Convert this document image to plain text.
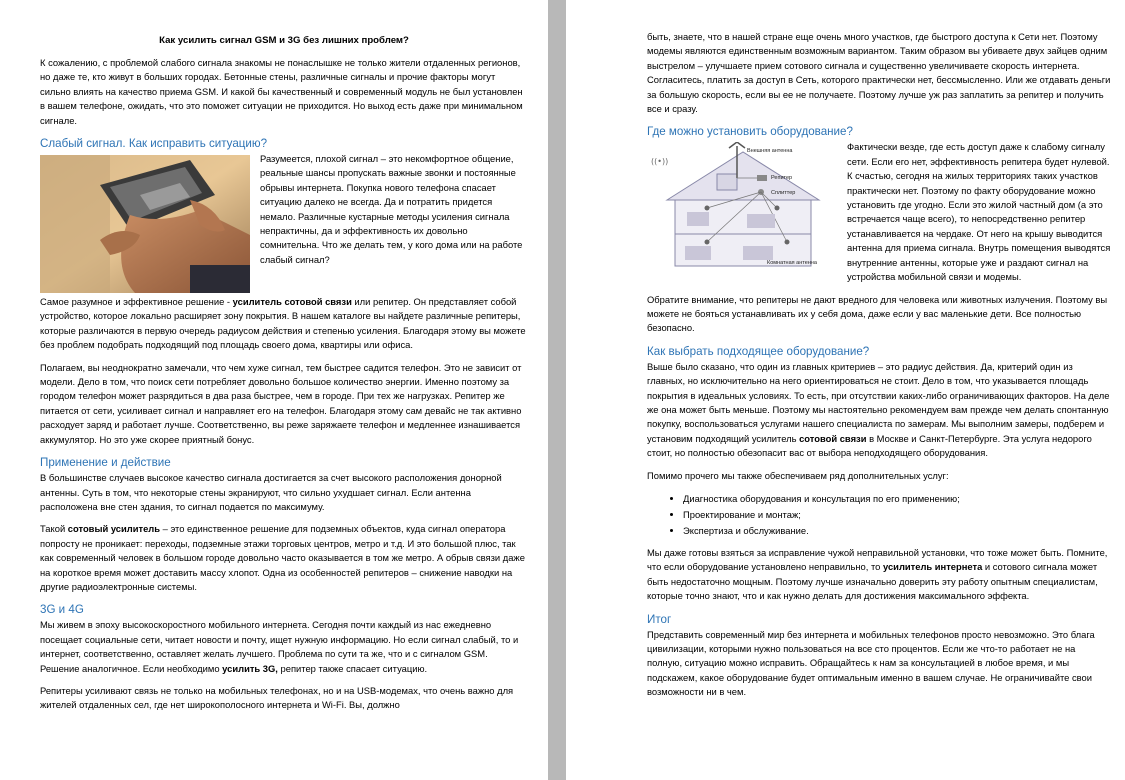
Как усилить сигнал GSM и 3G без лишних проблем?

К сожалению, с проблемой слабого сигнала знакомы не понаслышке не только жители отдаленных регионов, но даже те, кто живут в больших городах. Бетонные стены, различные сигналы и прочие факторы могут сильно влиять на качество приема GSM. И какой бы качественный и современный модуль не был установлен в вашем телефоне, ожидать, что это поможет ситуации не приходится. Но выход есть даже при минимальном сигнале.

Слабый сигнал. Как исправить ситуацию?

Разумеется, плохой сигнал – это некомфортное общение, реальные шансы пропускать важные звонки и постоянные обрывы интернета. Покупка нового телефона спасает ситуацию далеко не всегда. Да и потратить придется немало. Различные кустарные методы усиления сигнала непрактичны, да и эффективность их довольно сомнительна. Что же делать тем, у кого дома или на работе слабый сигнал?

Самое разумное и эффективное решение - усилитель сотовой связи или репитер. Он представляет собой устройство, которое локально расширяет зону покрытия. В нашем каталоге вы найдете различные репитеры, которые различаются в первую очередь радиусом действия и степенью усиления. Благодаря этому вы можете без проблем подобрать подходящий под площадь своего дома, квартиры или офиса.

Полагаем, вы неоднократно замечали, что чем хуже сигнал, тем быстрее садится телефон. Это не зависит от модели. Дело в том, что поиск сети потребляет довольно большое количество энергии. Именно поэтому за городом телефон может разрядиться в два раза быстрее, чем в городе. При тех же нагрузках. Репитер же питается от сети, усиливает сигнал и направляет его на телефон. Благодаря этому сам девайс не так активно расходует заряд и работает лучше. Соответственно, вы реже заряжаете телефон и медленнее изнашивается аккумулятор. Но это уже скорее приятный бонус.

Применение и действие

В большинстве случаев высокое качество сигнала достигается за счет высокого расположения донорной антенны. Суть в том, что некоторые стены экранируют, что сильно ухудшает сигнал. Если антенна расположена вне стен здания, то сигнал подается по максимуму.

Такой сотовый усилитель – это единственное решение для подземных объектов, куда сигнал оператора попросту не проникает: переходы, подземные этажи торговых центров, метро и т.д. И это большой плюс, так как современный человек в большом городе довольно часто оказывается в том же метро. А обрыв связи даже на короткое время может доставить массу хлопот. Одна из особенностей репитеров – снижение наводки на другие радиоэлектронные системы.

3G и 4G

Мы живем в эпоху высокоскоростного мобильного интернета. Сегодня почти каждый из нас ежедневно посещает социальные сети, читает новости и почту, ищет нужную информацию. Но если сигнал слабый, то и интернет, соответственно, оставляет желать лучшего. Проблема по сути та же, что и с сигналом GSM. Решение аналогичное. Если необходимо усилить 3G, репитер также спасает ситуацию.

Репитеры усиливают связь не только на мобильных телефонах, но и на USB-модемах, что очень важно для жителей отдаленных сел, где нет широкополосного интернета и Wi-Fi. Вы, должно

быть, знаете, что в нашей стране еще очень много участков, где быстрого доступа к Сети нет. Поэтому модемы являются единственным возможным вариантом. Таким образом вы убиваете двух зайцев одним выстрелом – улучшаете прием сотового сигнала и существенно увеличиваете скорость интернета. Согласитесь, платить за доступ в Сеть, которого практически нет, бессмысленно. Или же отдавать деньги за большую скорость, если вы ее не получаете. Поэтому лучше уж раз заплатить за репитер и получить все и сразу.

Где можно установить оборудование?
Внешняя антенна
Репитер
Сплиттер
Комнатная антенна
((•))

Фактически везде, где есть доступ даже к слабому сигналу сети. Если его нет, эффективность репитера будет нулевой. К счастью, сегодня на жилых территориях таких участков практически нет. Поэтому по факту оборудование можно установить где угодно. Если это жилой частный дом (а это встречается чаще всего), то непосредственно репитер устанавливается на чердаке. От него на крышу выводится антенна для приема сигнала. Внутрь помещения выводятся внутренние антенны, которые уже и раздают сигнал на устройства мобильной связи и модемы.

Обратите внимание, что репитеры не дают вредного для человека или животных излучения. Поэтому вы можете не бояться устанавливать их у себя дома, даже если у вас маленькие дети. Все полностью безопасно.

Как выбрать подходящее оборудование?

Выше было сказано, что один из главных критериев – это радиус действия. Да, критерий один из главных, но исключительно на него ориентироваться не стоит. Дело в том, что указывается площадь покрытия в идеальных условиях. То есть, при отсутствии каких-либо ограничивающих факторов. На деле же она может быть меньше. Поэтому мы настоятельно рекомендуем вам прежде чем делать спонтанную покупку, воспользоваться услугами нашего специалиста по замерам. Мы выполним замеры, подберем и установим подходящий усилитель сотовой связи в Москве и Санкт-Петербурге. Эта услуга недорого стоит, но полностью обезопасит вас от выбора неподходящего оборудования.

Помимо прочего мы также обеспечиваем ряд дополнительных услуг:

• Диагностика оборудования и консультация по его применению;
• Проектирование и монтаж;
• Экспертиза и обслуживание.

Мы даже готовы взяться за исправление чужой неправильной установки, что тоже может быть. Помните, что если оборудование установлено неправильно, то усилитель интернета и сотового сигнала может быть недостаточно мощным. Поэтому лучше изначально доверить эту работу опытным специалистам, которые точно знают, что и как нужно делать для достижения максимального эффекта.

Итог

Представить современный мир без интернета и мобильных телефонов просто невозможно. Это блага цивилизации, которыми нужно пользоваться на все сто процентов. Если же что-то работает не на полную, ситуацию можно исправить. Обращайтесь к нам за консультацией в любое время, и мы подскажем, какое оборудование будет оптимальным именно в вашем случае. Не ограничивайте свои возможности ни в чем.
